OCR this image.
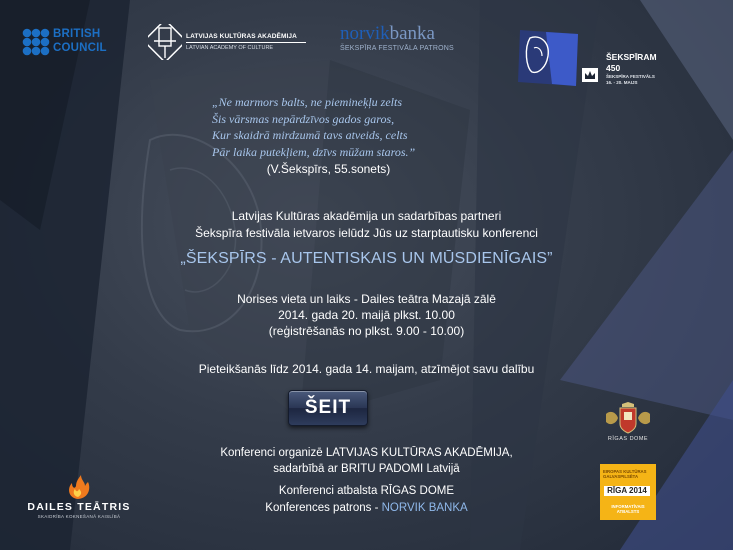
BRITISH
COUNCIL
LATVIJAS KULTŪRAS AKADĒMIJA
LATVIAN ACADEMY OF CULTURE
norvikbanka
ŠEKSPĪRA FESTIVĀLA PATRONS
ŠEKSPĪRAM
450
ŠEKSPĪRA FESTIVĀLS
16. - 20. MAIJS
„Ne marmors balts, ne piemineķļu zelts
Šis vārsmas nepārdzīvos gados garos,
Kur skaidrā mirdzumā tavs atveids, celts
Pār laika putekļiem, dzīvs mūžam staros.”
(V.Šekspīrs, 55.sonets)
Latvijas Kultūras akadēmija un sadarbības partneri
Šekspīra festivāla ietvaros ielūdz Jūs uz starptautisku konferenci
„ŠEKSPĪRS - AUTENTISKAIS UN MŪSDIENĪGAIS”
Norises vieta un laiks - Dailes teātra Mazajā zālē
2014. gada 20. maijā plkst. 10.00
(reģistrēšanās no plkst. 9.00 - 10.00)
Pieteikšanās līdz 2014. gada 14. maijam, atzīmējot savu dalību
ŠEIT
Konferenci organizē LATVIJAS KULTŪRAS AKADĒMIJA,
sadarbībā ar BRITU PADOMI Latvijā
Konferenci atbalsta RĪGAS DOME
Konferences patrons - NORVIK BANKA
DAILES TEĀTRIS
SKAIDRĪBA KOKNEŠANĀ KAISLĪBĀ
RĪGAS DOME
EIROPAS KULTŪRAS
GALVASPILSĒTA
RĪGA 2014
INFORMATĪVAIS
ATBALSTS
